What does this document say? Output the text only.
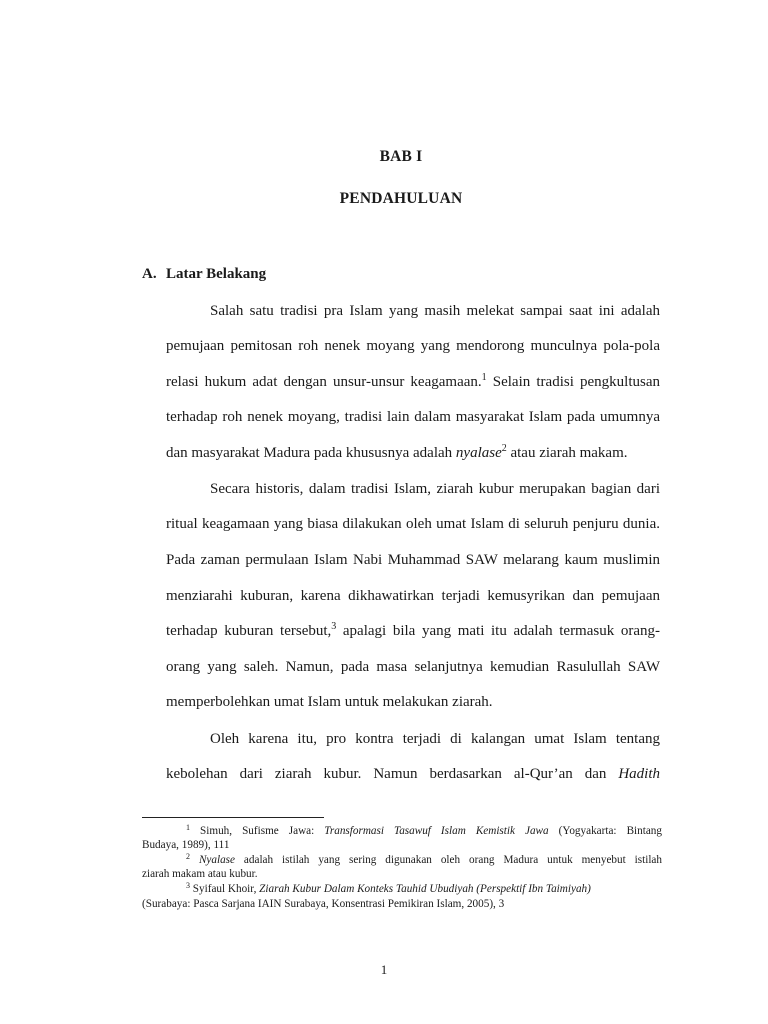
BAB I
PENDAHULUAN
A. Latar Belakang
Salah satu tradisi pra Islam yang masih melekat sampai saat ini adalah
pemujaan pemitosan roh nenek moyang yang mendorong munculnya pola-pola
relasi hukum adat dengan unsur-unsur keagamaan.$^1$ Selain tradisi pengkultusan
terhadap roh nenek moyang, tradisi lain dalam masyarakat Islam pada umumnya
dan masyarakat Madura pada khususnya adalah nyalase$^2$ atau ziarah makam.
Secara historis, dalam tradisi Islam, ziarah kubur merupakan bagian dari
ritual keagamaan yang biasa dilakukan oleh umat Islam di seluruh penjuru dunia.
Pada zaman permulaan Islam Nabi Muhammad SAW melarang kaum muslimin
menziarahi kuburan, karena dikhawatirkan terjadi kemusyrikan dan pemujaan
terhadap kuburan tersebut,$^3$ apalagi bila yang mati itu adalah termasuk orang-
orang yang saleh. Namun, pada masa selanjutnya kemudian Rasulullah SAW
memperbolehkan umat Islam untuk melakukan ziarah.
Oleh karena itu, pro kontra terjadi di kalangan umat Islam tentang
kebolehan dari ziarah kubur. Namun berdasarkan al-Qur’an dan Hadith
$^1$ Simuh, Sufisme Jawa: Transformasi Tasawuf Islam Kemistik Jawa (Yogyakarta: Bintang
Budaya, 1989), 111
$^2$ Nyalase adalah istilah yang sering digunakan oleh orang Madura untuk menyebut istilah
ziarah makam atau kubur.
$^3$ Syifaul Khoir, Ziarah Kubur Dalam Konteks Tauhid Ubudiyah (Perspektif Ibn Taimiyah)
(Surabaya: Pasca Sarjana IAIN Surabaya, Konsentrasi Pemikiran Islam, 2005), 3
1
